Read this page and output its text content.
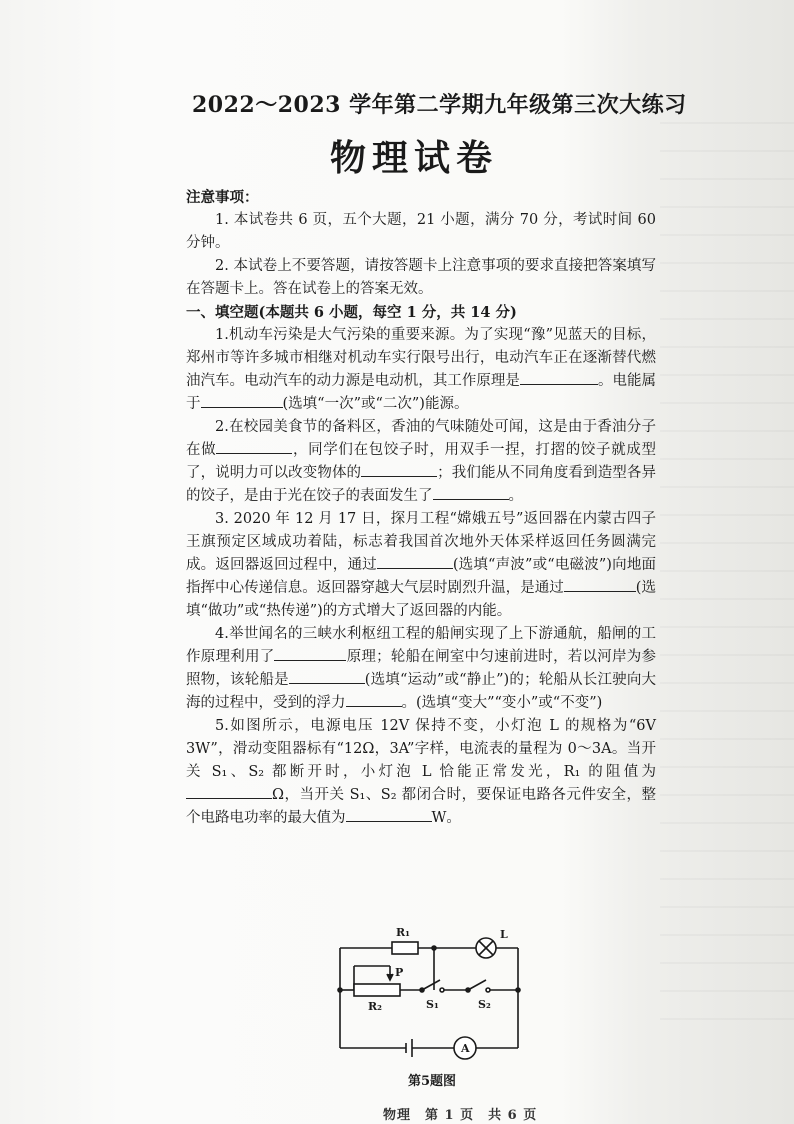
2022～2023 学年第二学期九年级第三次大练习
物理试卷

注意事项：

1. 本试卷共 6 页，五个大题，21 小题，满分 70 分，考试时间 60 分钟。

2. 本试卷上不要答题，请按答题卡上注意事项的要求直接把答案填写在答题卡上。答在试卷上的答案无效。

一、填空题(本题共 6 小题，每空 1 分，共 14 分)

1.机动车污染是大气污染的重要来源。为了实现“豫”见蓝天的目标，郑州市等许多城市相继对机动车实行限号出行，电动汽车正在逐渐替代燃油汽车。电动汽车的动力源是电动机，其工作原理是	。电能属于	(选填“一次”或“二次”)能源。

2.在校园美食节的备料区，香油的气味随处可闻，这是由于香油分子在做	，同学们在包饺子时，用双手一捏，打摺的饺子就成型了，说明力可以改变物体的	；我们能从不同角度看到造型各异的饺子，是由于光在饺子的表面发生了	。

3. 2020 年 12 月 17 日，探月工程“嫦娥五号”返回器在内蒙古四子王旗预定区域成功着陆，标志着我国首次地外天体采样返回任务圆满完成。返回器返回过程中，通过	(选填“声波”或“电磁波”)向地面指挥中心传递信息。返回器穿越大气层时剧烈升温，是通过	(选填“做功”或“热传递”)的方式增大了返回器的内能。

4.举世闻名的三峡水利枢纽工程的船闸实现了上下游通航，船闸的工作原理利用了	原理；轮船在闸室中匀速前进时，若以河岸为参照物，该轮船是	(选填“运动”或“静止”)的；轮船从长江驶向大海的过程中，受到的浮力	。(选填“变大”“变小”或“不变”)

5.如图所示，电源电压 12V 保持不变，小灯泡 L 的规格为“6V 3W”，滑动变阻器标有“12Ω，3A”字样，电流表的量程为 0～3A。当开关 S₁、S₂ 都断开时，小灯泡 L 恰能正常发光，R₁ 的阻值为Ω，当开关 S₁、S₂ 都闭合时，要保证电路各元件安全，整个电路电功率的最大值为	W。

R₁	L
P
R₂	S₁	S₂
A
第5题图
物理　第 1 页　共 6 页
